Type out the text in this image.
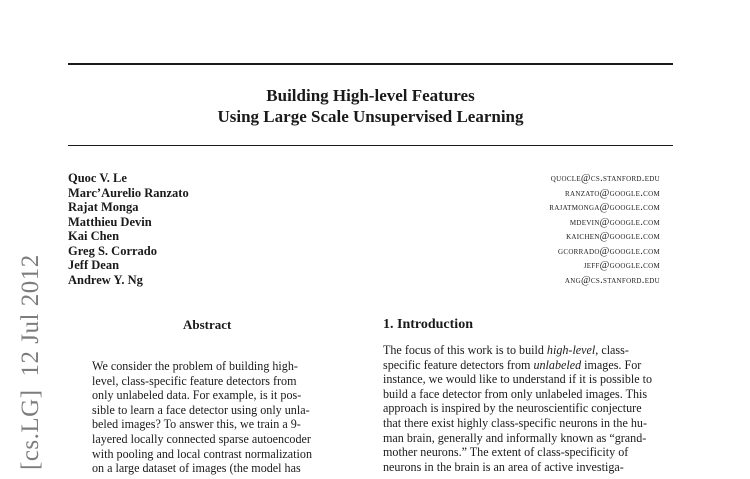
Building High-level Features
Using Large Scale Unsupervised Learning
Quoc V. Le	quocle@cs.stanford.edu
Marc’Aurelio Ranzato	ranzato@google.com
Rajat Monga	rajatmonga@google.com
Matthieu Devin	mdevin@google.com
Kai Chen	kaichen@google.com
Greg S. Corrado	gcorrado@google.com
Jeff Dean	jeff@google.com
Andrew Y. Ng	ang@cs.stanford.edu
[cs.LG]12 Jul 2012	Abstract
We consider the problem of building high-
level, class-specific feature detectors from
only unlabeled data. For example, is it pos-
sible to learn a face detector using only unla-
beled images? To answer this, we train a 9-
layered locally connected sparse autoencoder
with pooling and local contrast normalization
on a large dataset of images (the model has
1. Introduction
The focus of this work is to build high-level, class-
specific feature detectors from unlabeled images. For
instance, we would like to understand if it is possible to
build a face detector from only unlabeled images. This
approach is inspired by the neuroscientific conjecture
that there exist highly class-specific neurons in the hu-
man brain, generally and informally known as “grand-
mother neurons.” The extent of class-specificity of
neurons in the brain is an area of active investiga-
